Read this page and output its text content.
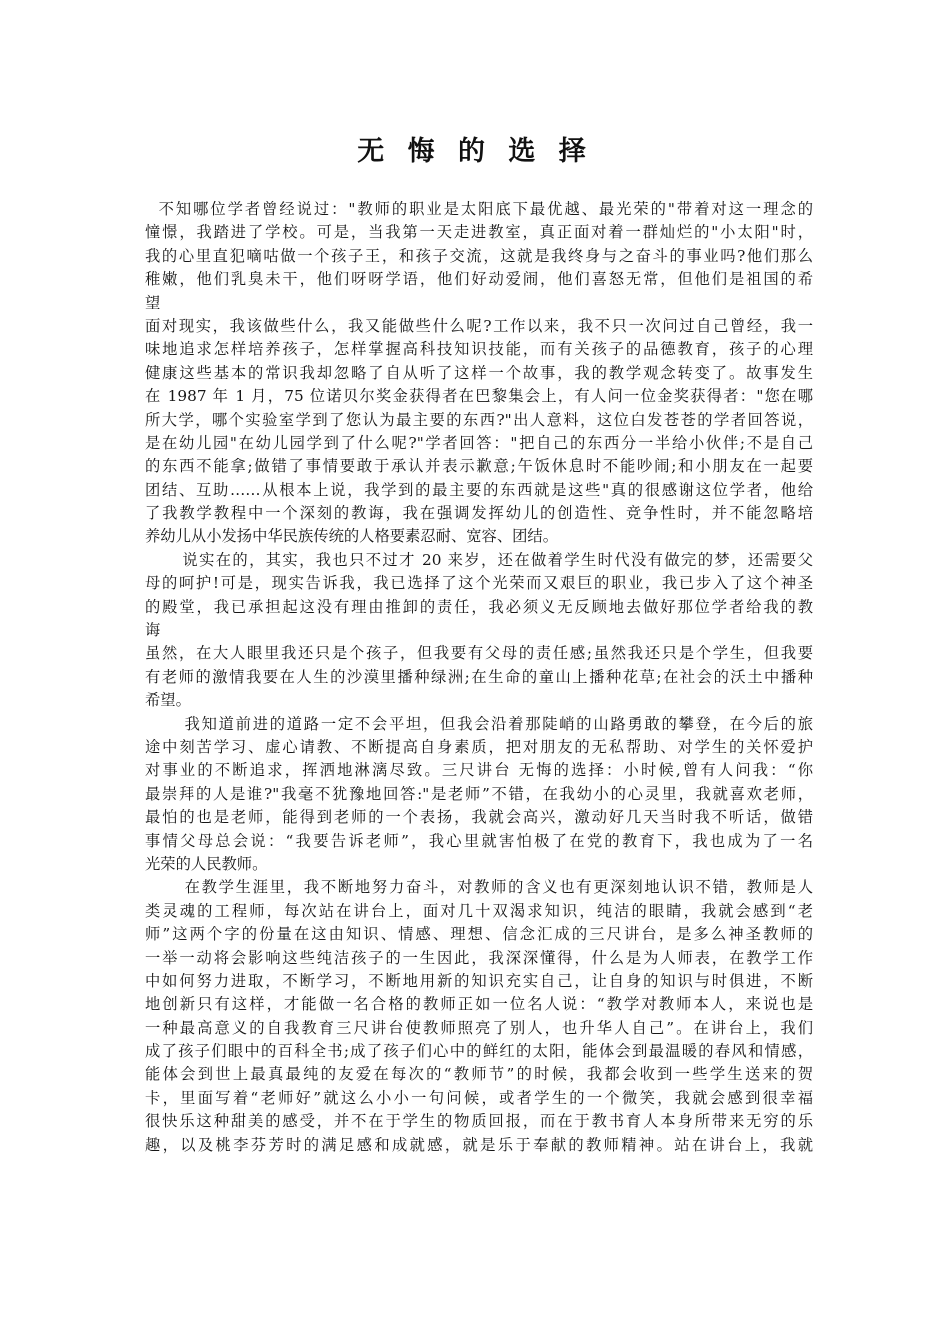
无 悔 的 选 择
不知哪位学者曾经说过："教师的职业是太阳底下最优越、最光荣的"带着对这一理念的
憧憬，我踏进了学校。可是，当我第一天走进教室，真正面对着一群灿烂的"小太阳"时，
我的心里直犯嘀咕做一个孩子王，和孩子交流，这就是我终身与之奋斗的事业吗?他们那么
稚嫩，他们乳臭未干，他们呀呀学语，他们好动爱闹，他们喜怒无常，但他们是祖国的希
望
面对现实，我该做些什么，我又能做些什么呢?工作以来，我不只一次问过自己曾经，我一
味地追求怎样培养孩子，怎样掌握高科技知识技能，而有关孩子的品德教育，孩子的心理
健康这些基本的常识我却忽略了自从听了这样一个故事，我的教学观念转变了。故事发生
在 1987 年 1 月，75 位诺贝尔奖金获得者在巴黎集会上，有人问一位金奖获得者："您在哪
所大学，哪个实验室学到了您认为最主要的东西?"出人意料，这位白发苍苍的学者回答说，
是在幼儿园"在幼儿园学到了什么呢?"学者回答："把自己的东西分一半给小伙伴;不是自己
的东西不能拿;做错了事情要敢于承认并表示歉意;午饭休息时不能吵闹;和小朋友在一起要
团结、互助……从根本上说，我学到的最主要的东西就是这些"真的很感谢这位学者，他给
了我教学教程中一个深刻的教诲，我在强调发挥幼儿的创造性、竞争性时，并不能忽略培
养幼儿从小发扬中华民族传统的人格要素忍耐、宽容、团结。
说实在的，其实，我也只不过才 20 来岁，还在做着学生时代没有做完的梦，还需要父
母的呵护!可是，现实告诉我，我已选择了这个光荣而又艰巨的职业，我已步入了这个神圣
的殿堂，我已承担起这没有理由推卸的责任，我必须义无反顾地去做好那位学者给我的教
诲
虽然，在大人眼里我还只是个孩子，但我要有父母的责任感;虽然我还只是个学生，但我要
有老师的激情我要在人生的沙漠里播种绿洲;在生命的童山上播种花草;在社会的沃土中播种
希望。
我知道前进的道路一定不会平坦，但我会沿着那陡峭的山路勇敢的攀登，在今后的旅
途中刻苦学习、虚心请教、不断提高自身素质，把对朋友的无私帮助、对学生的关怀爱护
对事业的不断追求，挥洒地淋漓尽致。三尺讲台 无悔的选择：小时候,曾有人问我：“你
最崇拜的人是谁?"我毫不犹豫地回答:"是老师”不错，在我幼小的心灵里，我就喜欢老师，
最怕的也是老师，能得到老师的一个表扬，我就会高兴，激动好几天当时我不听话，做错
事情父母总会说：“我要告诉老师”，我心里就害怕极了在党的教育下，我也成为了一名
光荣的人民教师。
在教学生涯里，我不断地努力奋斗，对教师的含义也有更深刻地认识不错，教师是人
类灵魂的工程师，每次站在讲台上，面对几十双渴求知识，纯洁的眼睛，我就会感到“老
师”这两个字的份量在这由知识、情感、理想、信念汇成的三尺讲台，是多么神圣教师的
一举一动将会影响这些纯洁孩子的一生因此，我深深懂得，什么是为人师表，在教学工作
中如何努力进取，不断学习，不断地用新的知识充实自己，让自身的知识与时俱进，不断
地创新只有这样，才能做一名合格的教师正如一位名人说：“教学对教师本人，来说也是
一种最高意义的自我教育三尺讲台使教师照亮了别人，也升华人自己”。在讲台上，我们
成了孩子们眼中的百科全书;成了孩子们心中的鲜红的太阳，能体会到最温暖的春风和情感，
能体会到世上最真最纯的友爱在每次的“教师节”的时候，我都会收到一些学生送来的贺
卡，里面写着“老师好”就这么小小一句问候，或者学生的一个微笑，我就会感到很幸福
很快乐这种甜美的感受，并不在于学生的物质回报，而在于教书育人本身所带来无穷的乐
趣，以及桃李芬芳时的满足感和成就感，就是乐于奉献的教师精神。站在讲台上，我就
